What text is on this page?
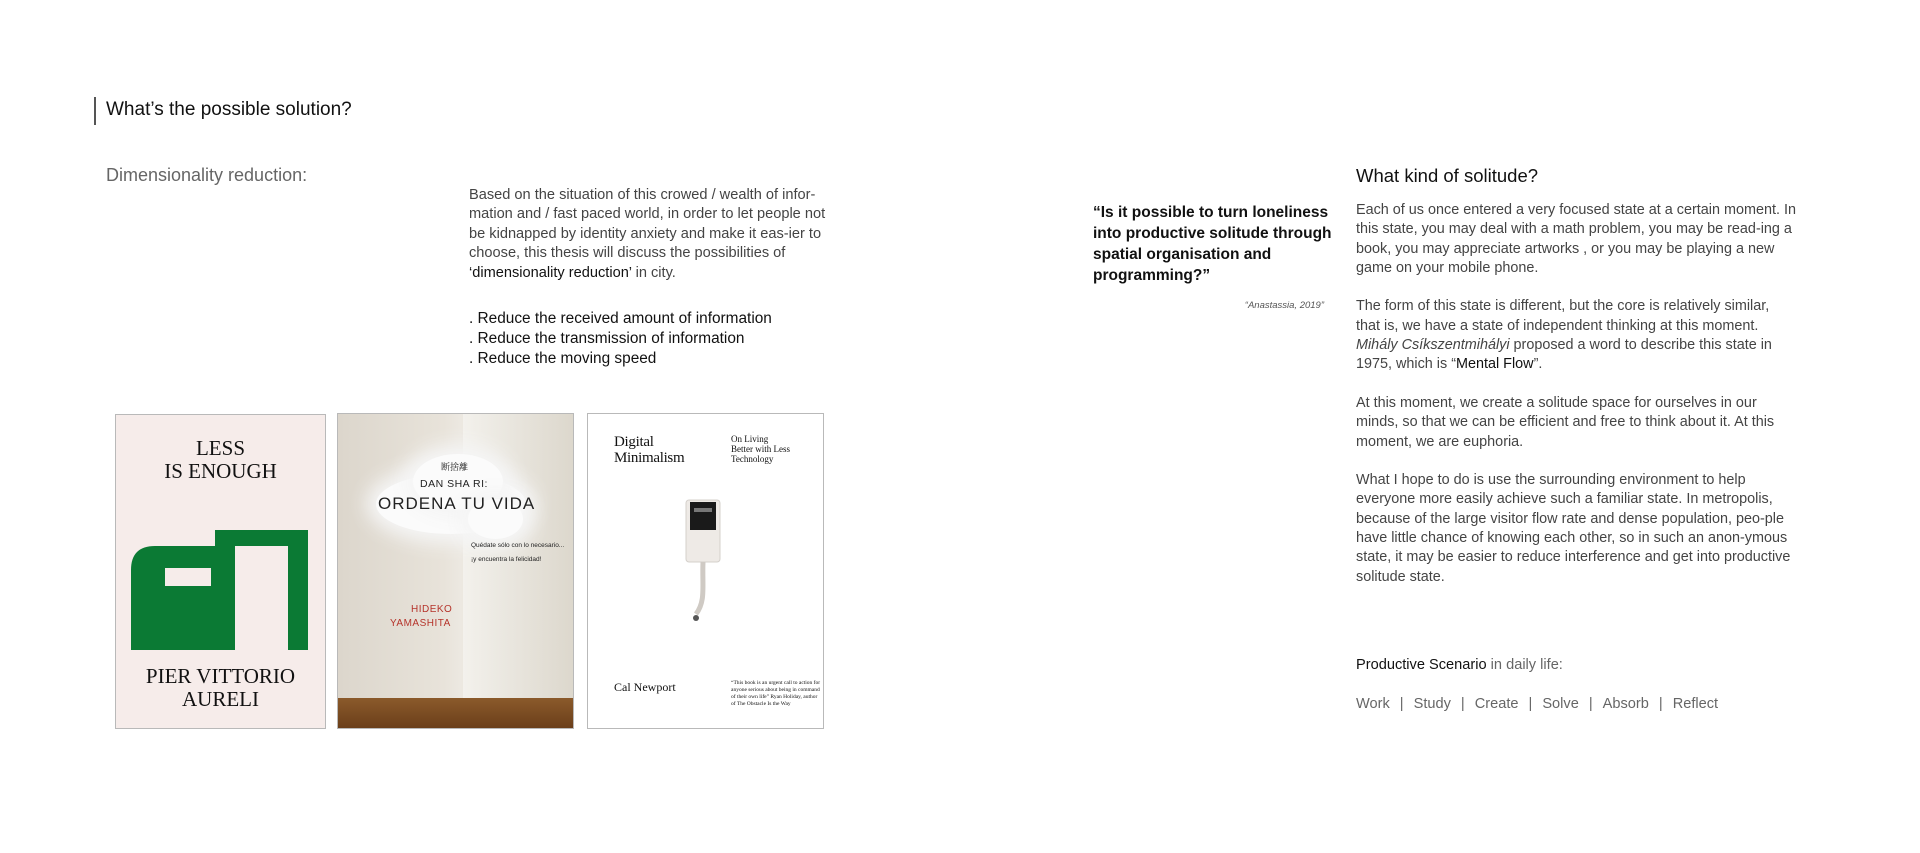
What’s the possible solution?
Dimensionality reduction:
Based on the situation of this crowed / wealth of infor-mation and / fast paced world, in order to let people not be kidnapped by identity anxiety and make it eas-ier to choose, this thesis will discuss the possibilities of ‘dimensionality reduction’ in city.
. Reduce the received amount of information
. Reduce the transmission of information
. Reduce the moving speed
LESS
IS ENOUGH
PIER VITTORIO
AURELI
断捨離
DAN SHA RI:
ORDENA TU VIDA
Quédate sólo con lo necesario...
¡y encuentra la felicidad!
HIDEKO
YAMASHITA
Digital
Minimalism
On Living
Better with Less
Technology
Cal Newport	“This book is an urgent call to action for
anyone serious about being in command
of their own life” Ryan Holiday, author
of The Obstacle Is the Way
“Is it possible to turn loneliness into productive solitude through spatial organisation and programming?”
“Anastassia, 2019”
What kind of solitude?

Each of us once entered a very focused state at a certain moment. In this state, you may deal with a math problem, you may be read-ing a book, you may appreciate artworks , or you may be playing a new game on your mobile phone.

The form of this state is different, but the core is relatively similar, that is, we have a state of independent thinking at this moment. Mihály Csíkszentmihályi proposed a word to describe this state in 1975, which is “Mental Flow”.

At this moment, we create a solitude space for ourselves in our minds, so that we can be efficient and free to think about it. At this moment, we are euphoria.

What I hope to do is use the surrounding environment to help everyone more easily achieve such a familiar state. In metropolis, because of the large visitor flow rate and dense population, peo-ple have little chance of knowing each other, so in such an anon-ymous state, it may be easier to reduce interference and get into productive solitude state.

Productive Scenario in daily life:
Work | Study | Create | Solve | Absorb | Reflect
